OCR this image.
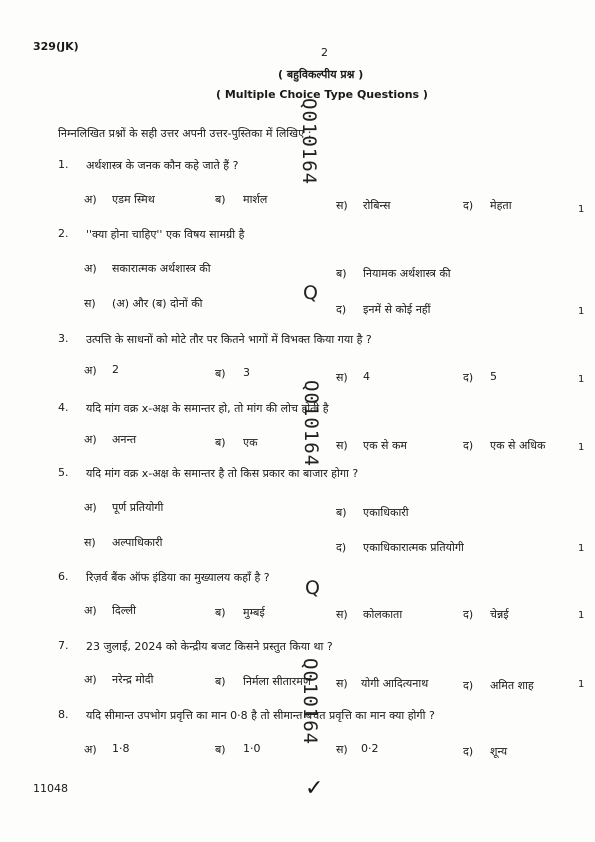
329(JK)	2
( बहुविकल्पीय प्रश्न )
( Multiple Choice Type Questions )
निम्नलिखित प्रश्नों के सही उत्तर अपनी उत्तर-पुस्तिका में लिखिए :
Q010164
Q
Q010164
Q
Q010164
1. अर्थशास्त्र के जनक कौन कहे जाते हैं ?
अ) एडम स्मिथ	ब) मार्शल	स) रोबिन्स	द) मेहता	1
2. ''क्या होना चाहिए'' एक विषय सामग्री है
अ) सकारात्मक अर्थशास्त्र की	ब) नियामक अर्थशास्त्र की
स) (अ) और (ब) दोनों की	द) इनमें से कोई नहीं	1
3. उत्पत्ति के साधनों को मोटे तौर पर कितने भागों में विभक्त किया गया है ?
अ) 2	ब) 3	स) 4	द) 5	1
4. यदि मांग वक्र x-अक्ष के समान्तर हो, तो मांग की लोच होती है
अ) अनन्त	ब) एक	स) एक से कम	द) एक से अधिक	1
5. यदि मांग वक्र x-अक्ष के समान्तर है तो किस प्रकार का बाजार होगा ?
अ) पूर्ण प्रतियोगी	ब) एकाधिकारी
स) अल्पाधिकारी	द) एकाधिकारात्मक प्रतियोगी	1
6. रिज़र्व बैंक ऑफ इंडिया का मुख्यालय कहाँ है ?
अ) दिल्ली	ब) मुम्बई	स) कोलकाता	द) चेन्नई	1
7. 23 जुलाई, 2024 को केन्द्रीय बजट किसने प्रस्तुत किया था ?
अ) नरेन्द्र मोदी	ब) निर्मला सीतारमण स) योगी आदित्यनाथ	द) अमित शाह	1
8. यदि सीमान्त उपभोग प्रवृत्ति का मान 0·8 है तो सीमान्त बचत प्रवृत्ति का मान क्या होगी ?
अ) 1·8	ब) 1·0	स) 0·2	द) शून्य
11048	✓
